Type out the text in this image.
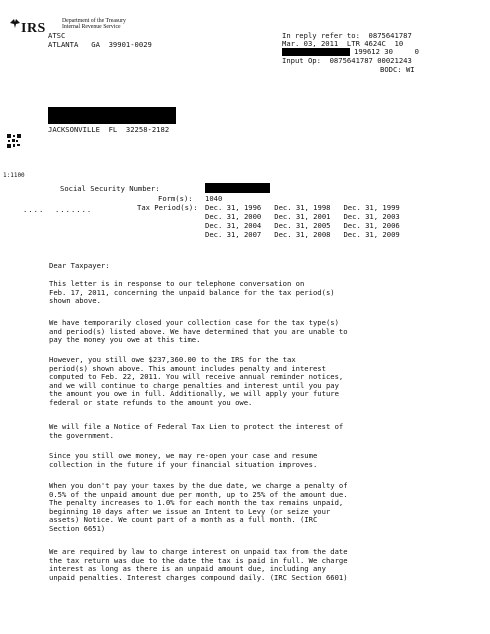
IRS	Department of the Treasury
Internal Revenue Service
ATSC
ATLANTA   GA  39901-0029
In reply refer to:  0875641787
Mar. 03, 2011  LTR 4624C  10
199612 30     0
Input Op:  0875641787 00021243
BODC: WI
JACKSONVILLE  FL  32258-2182
1:1100
Social Security Number:
Form(s): 1040
....  .......	Tax Period(s): Dec. 31, 1996   Dec. 31, 1998   Dec. 31, 1999
Dec. 31, 2000   Dec. 31, 2001   Dec. 31, 2003
Dec. 31, 2004   Dec. 31, 2005   Dec. 31, 2006
Dec. 31, 2007   Dec. 31, 2008   Dec. 31, 2009
Dear Taxpayer:
This letter is in response to our telephone conversation on
Feb. 17, 2011, concerning the unpaid balance for the tax period(s)
shown above.
We have temporarily closed your collection case for the tax type(s)
and period(s) listed above. We have determined that you are unable to
pay the money you owe at this time.
However, you still owe $237,360.00 to the IRS for the tax
period(s) shown above. This amount includes penalty and interest
computed to Feb. 22, 2011. You will receive annual reminder notices,
and we will continue to charge penalties and interest until you pay
the amount you owe in full. Additionally, we will apply your future
federal or state refunds to the amount you owe.
We will file a Notice of Federal Tax Lien to protect the interest of
the government.
Since you still owe money, we may re-open your case and resume
collection in the future if your financial situation improves.
When you don't pay your taxes by the due date, we charge a penalty of
0.5% of the unpaid amount due per month, up to 25% of the amount due.
The penalty increases to 1.0% for each month the tax remains unpaid,
beginning 10 days after we issue an Intent to Levy (or seize your
assets) Notice. We count part of a month as a full month. (IRC
Section 6651)
We are required by law to charge interest on unpaid tax from the date
the tax return was due to the date the tax is paid in full. We charge
interest as long as there is an unpaid amount due, including any
unpaid penalties. Interest charges compound daily. (IRC Section 6601)
